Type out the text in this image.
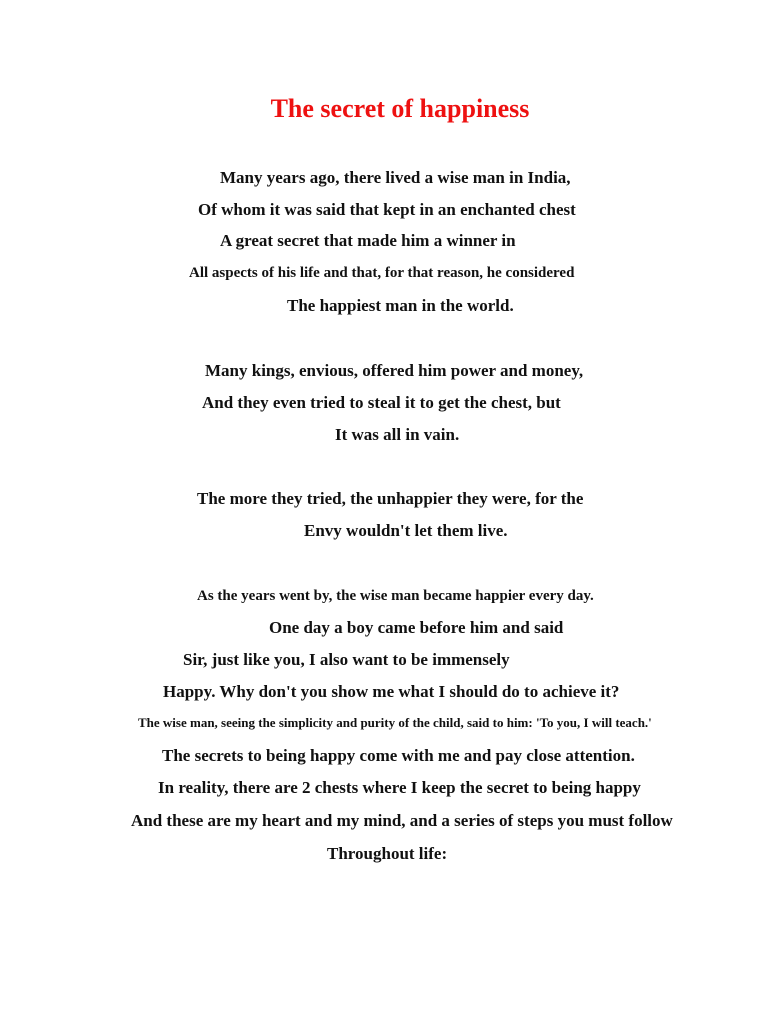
The secret of happiness
Many years ago, there lived a wise man in India,
Of whom it was said that kept in an enchanted chest
A great secret that made him a winner in
All aspects of his life and that, for that reason, he considered
The happiest man in the world.
Many kings, envious, offered him power and money,
And they even tried to steal it to get the chest, but
It was all in vain.
The more they tried, the unhappier they were, for the
Envy wouldn't let them live.
As the years went by, the wise man became happier every day.
One day a boy came before him and said
Sir, just like you, I also want to be immensely
Happy. Why don't you show me what I should do to achieve it?
The wise man, seeing the simplicity and purity of the child, said to him: 'To you, I will teach.'
The secrets to being happy come with me and pay close attention.
In reality, there are 2 chests where I keep the secret to being happy
And these are my heart and my mind, and a series of steps you must follow
Throughout life:
